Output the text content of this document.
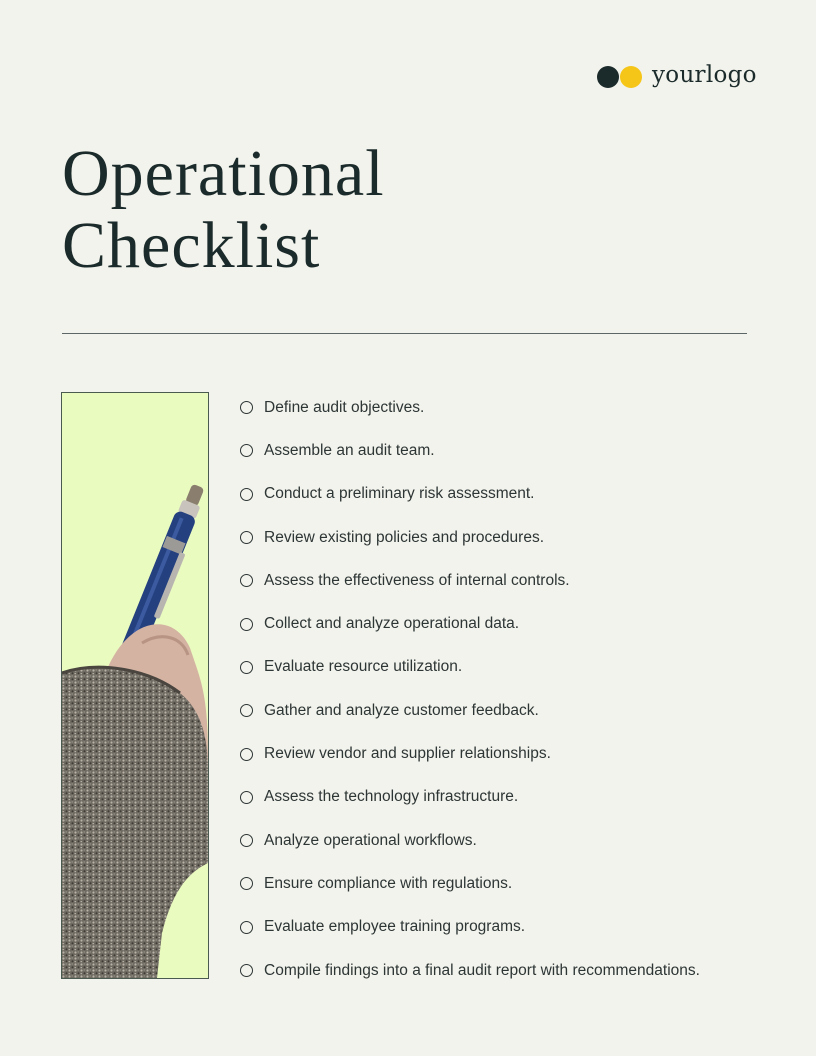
yourlogo
Operational
Checklist
Define audit objectives.
Assemble an audit team.
Conduct a preliminary risk assessment.
Review existing policies and procedures.
Assess the effectiveness of internal controls.
Collect and analyze operational data.
Evaluate resource utilization.
Gather and analyze customer feedback.
Review vendor and supplier relationships.
Assess the technology infrastructure.
Analyze operational workflows.
Ensure compliance with regulations.
Evaluate employee training programs.
Compile findings into a final audit report with recommendations.
